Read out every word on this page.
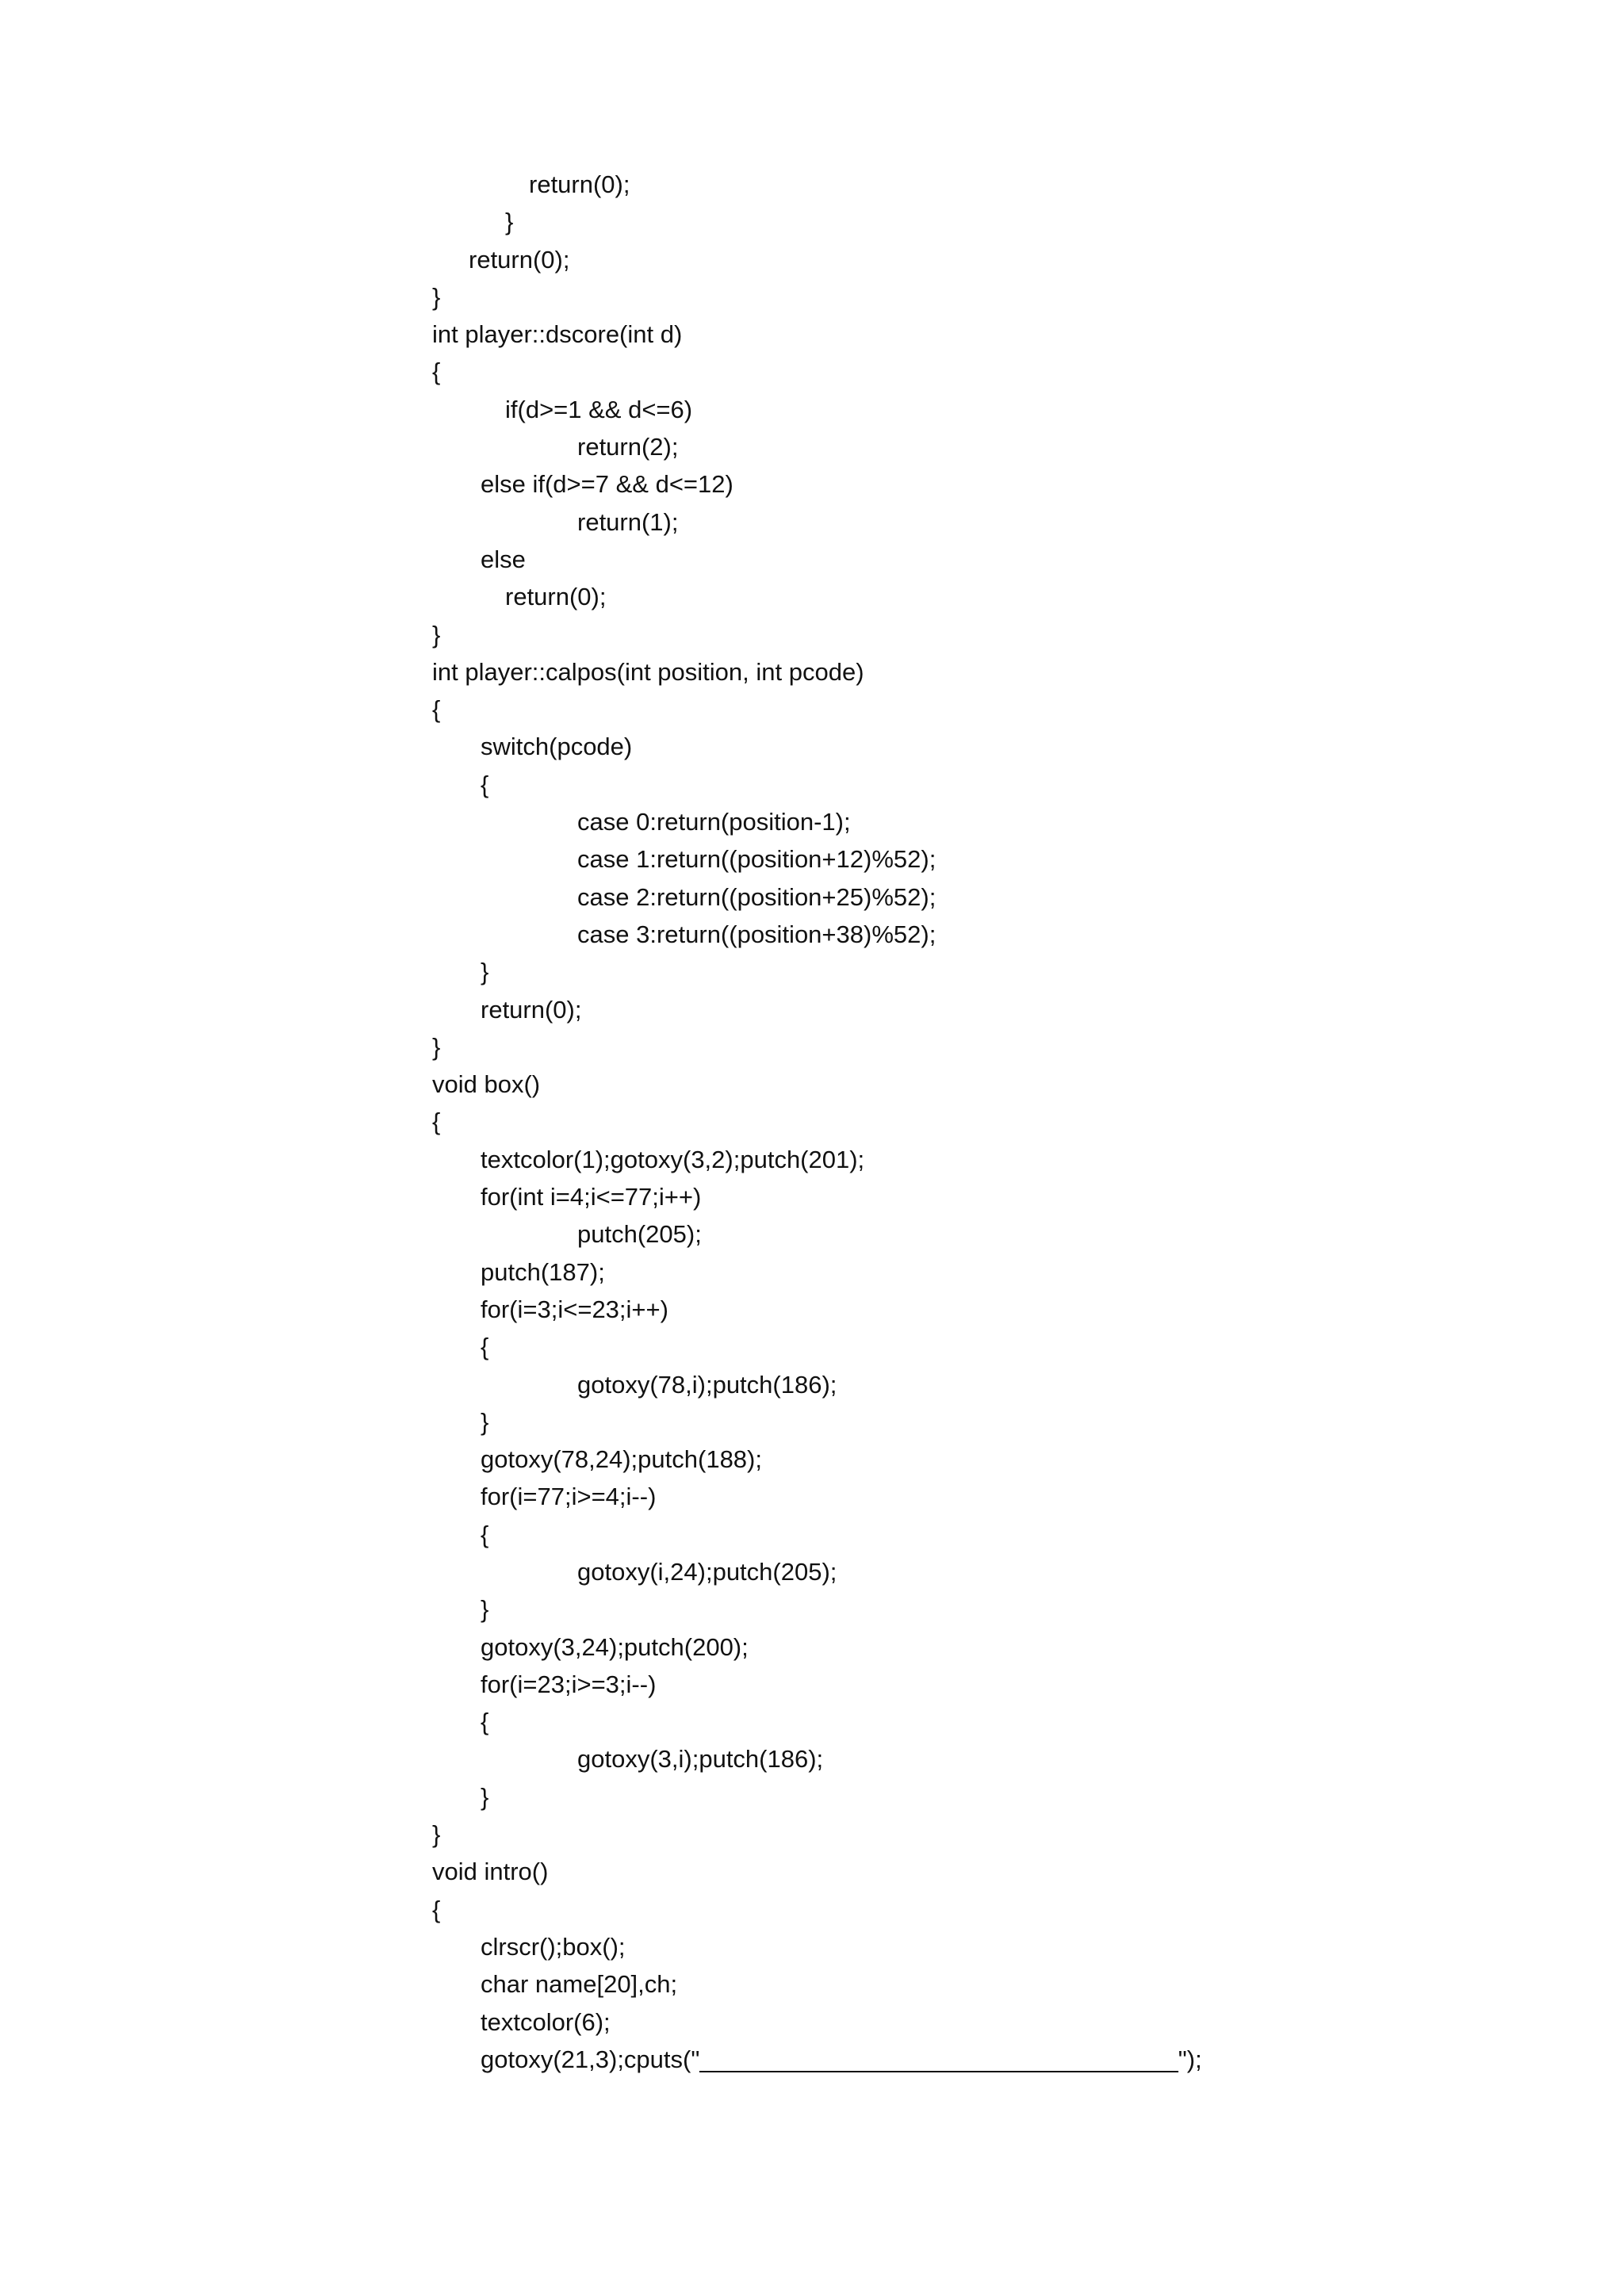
return(0);
}
return(0);
}
int player::dscore(int d)
{
if(d>=1 && d<=6)
return(2);
else if(d>=7 && d<=12)
return(1);
else
return(0);
}
int player::calpos(int position, int pcode)
{
switch(pcode)
{
case 0:return(position-1);
case 1:return((position+12)%52);
case 2:return((position+25)%52);
case 3:return((position+38)%52);
}
return(0);
}
void box()
{
textcolor(1);gotoxy(3,2);putch(201);
for(int i=4;i<=77;i++)
putch(205);
putch(187);
for(i=3;i<=23;i++)
{
gotoxy(78,i);putch(186);
}
gotoxy(78,24);putch(188);
for(i=77;i>=4;i--)
{
gotoxy(i,24);putch(205);
}
gotoxy(3,24);putch(200);
for(i=23;i>=3;i--)
{
gotoxy(3,i);putch(186);
}
}
void intro()
{
clrscr();box();
char name[20],ch;
textcolor(6);
gotoxy(21,3);cputs("___________________________________");
